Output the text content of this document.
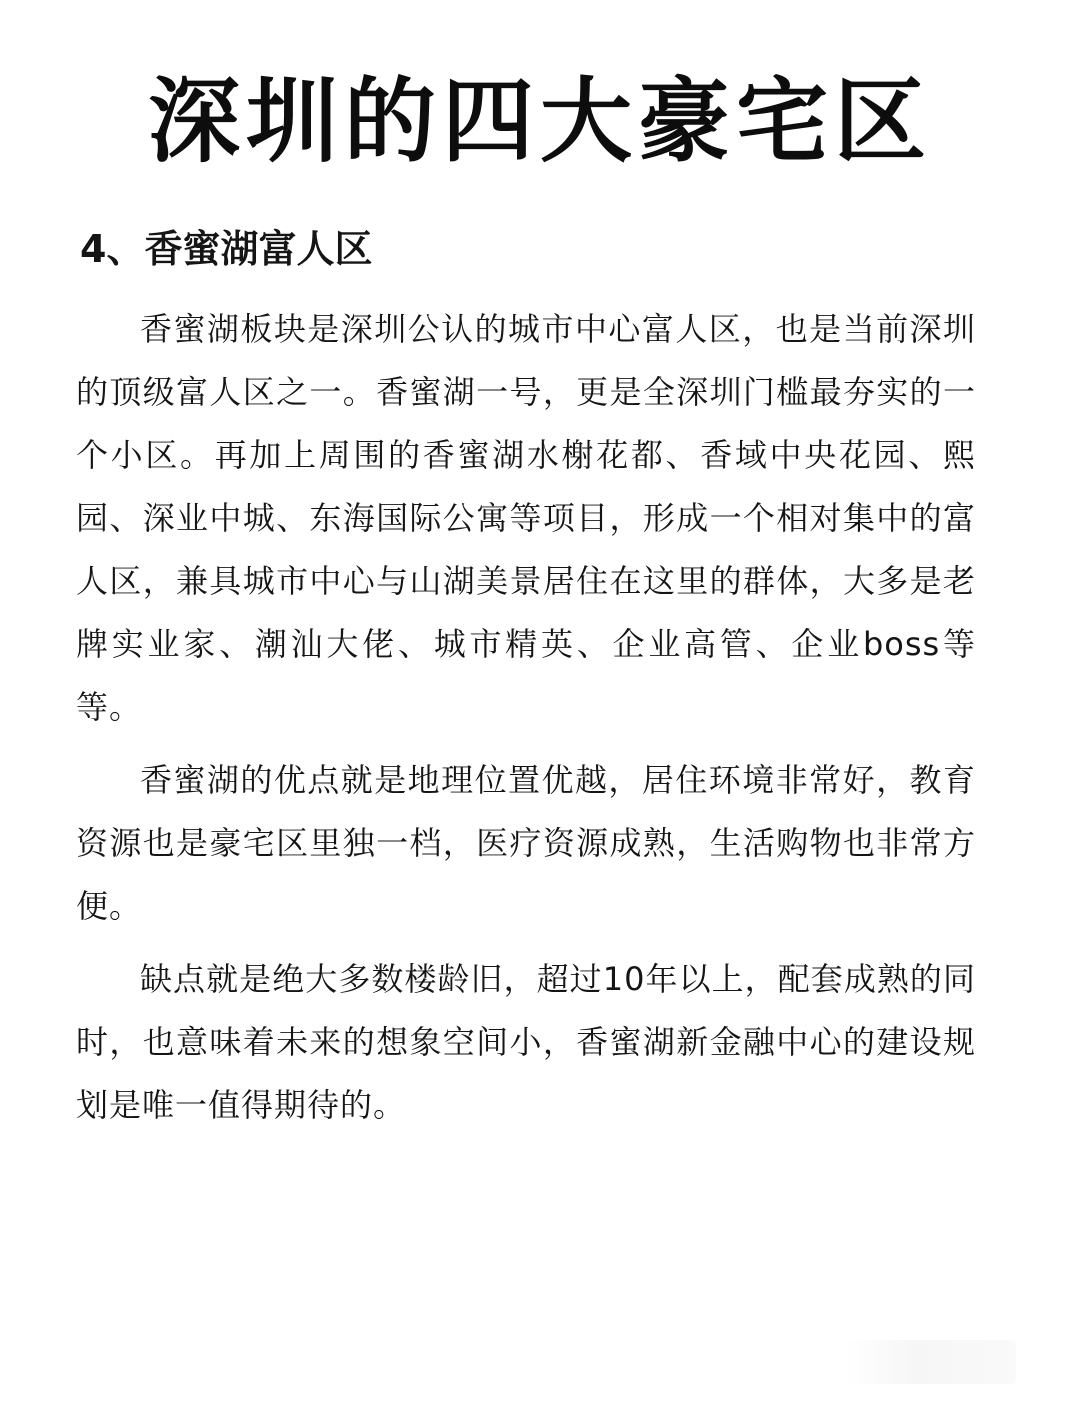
深圳的四大豪宅区
4、香蜜湖富人区

香蜜湖板块是深圳公认的城市中心富人区，也是当前深圳的顶级富人区之一。香蜜湖一号，更是全深圳门槛最夯实的一个小区。再加上周围的香蜜湖水榭花都、香域中央花园、熙园、深业中城、东海国际公寓等项目，形成一个相对集中的富人区，兼具城市中心与山湖美景居住在这里的群体，大多是老牌实业家、潮汕大佬、城市精英、企业高管、企业boss等等。

香蜜湖的优点就是地理位置优越，居住环境非常好，教育资源也是豪宅区里独一档，医疗资源成熟，生活购物也非常方便。

缺点就是绝大多数楼龄旧，超过10年以上，配套成熟的同时，也意味着未来的想象空间小，香蜜湖新金融中心的建设规划是唯一值得期待的。
